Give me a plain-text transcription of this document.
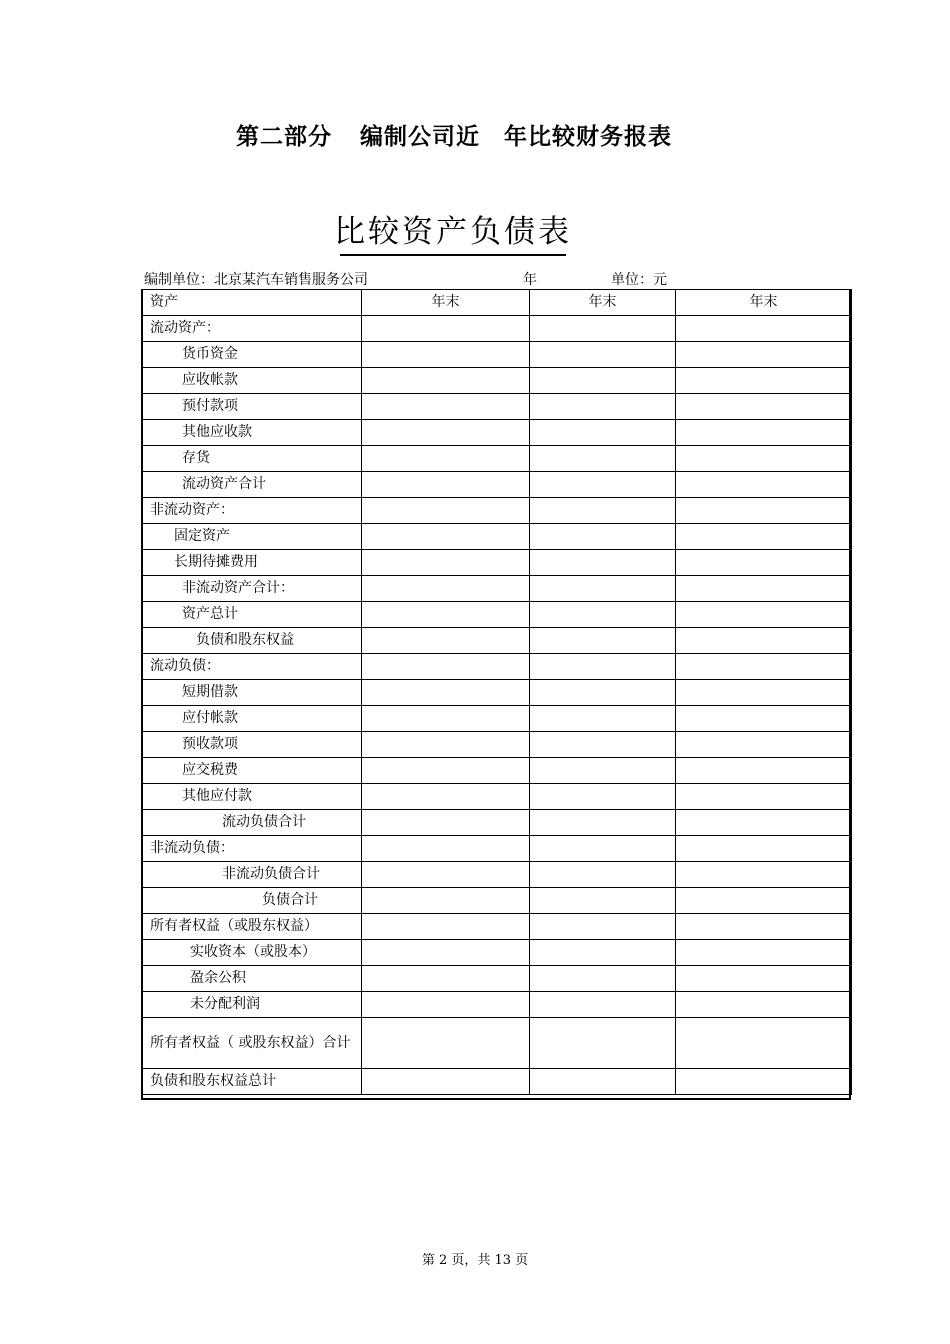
第二部分 编制公司近 年比较财务报表
比较资产负债表
编制单位：北京某汽车销售服务公司	年	单位：元
资产	年末	年末	年末
流动资产：			
货币资金			
应收帐款			
预付款项			
其他应收款			
存货			
流动资产合计			
非流动资产：			
固定资产			
长期待摊费用			
非流动资产合计：			
资产总计			
负债和股东权益			
流动负债：			
短期借款			
应付帐款			
预收款项			
应交税费			
其他应付款			
流动负债合计			
非流动负债：			
非流动负债合计			
负债合计			
所有者权益（或股东权益）			
实收资本（或股本）			
盈余公积			
未分配利润			
所有者权益（ 或股东权益）合计			
负债和股东权益总计			
第 2 页，共 13 页
